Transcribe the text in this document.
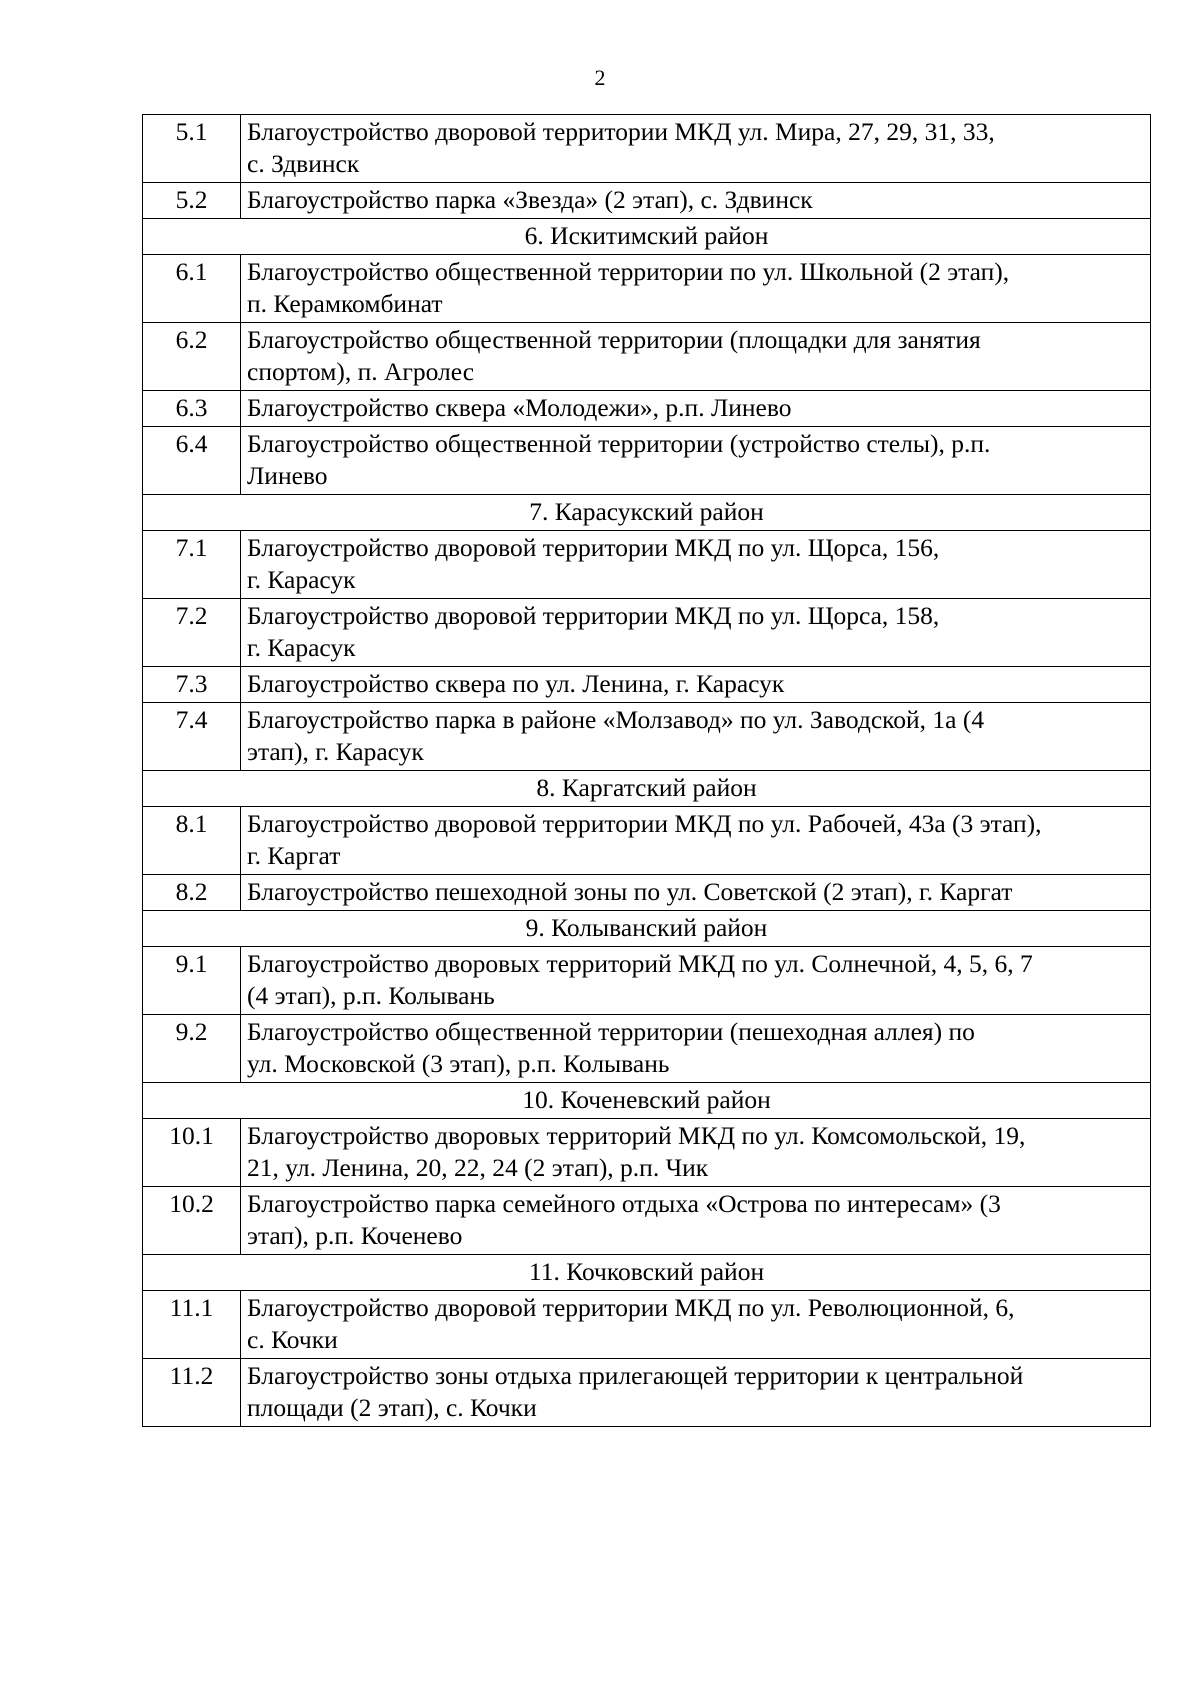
2
5.1	Благоустройство дворовой территории МКД ул. Мира, 27, 29, 31, 33,
с. Здвинск

5.2	Благоустройство парка «Звезда» (2 этап), с. Здвинск

6. Искитимский район	
6.1	Благоустройство общественной территории по ул. Школьной (2 этап),
п. Керамкомбинат

6.2	Благоустройство общественной территории (площадки для занятия
спортом), п. Агролес

6.3	Благоустройство сквера «Молодежи», р.п. Линево

6.4	Благоустройство общественной территории (устройство стелы), р.п.
Линево

7. Карасукский район	
7.1	Благоустройство дворовой территории МКД по ул. Щорса, 156,
г. Карасук

7.2	Благоустройство дворовой территории МКД по ул. Щорса, 158,
г. Карасук

7.3	Благоустройство сквера по ул. Ленина, г. Карасук

7.4	Благоустройство парка в районе «Молзавод» по ул. Заводской, 1а (4
этап), г. Карасук

8. Каргатский район	
8.1	Благоустройство дворовой территории МКД по ул. Рабочей, 43а (3 этап),
г. Каргат

8.2	Благоустройство пешеходной зоны по ул. Советской (2 этап), г. Каргат

9. Колыванский район	
9.1	Благоустройство дворовых территорий МКД по ул. Солнечной, 4, 5, 6, 7
(4 этап), р.п. Колывань

9.2	Благоустройство общественной территории (пешеходная аллея) по
ул. Московской (3 этап), р.п. Колывань

10. Коченевский район	
10.1	Благоустройство дворовых территорий МКД по ул. Комсомольской, 19,
21, ул. Ленина, 20, 22, 24 (2 этап), р.п. Чик

10.2	Благоустройство парка семейного отдыха «Острова по интересам» (3
этап), р.п. Коченево

11. Кочковский район	
11.1	Благоустройство дворовой территории МКД по ул. Революционной, 6,
с. Кочки

11.2	Благоустройство зоны отдыха прилегающей территории к центральной
площади (2 этап), с. Кочки
